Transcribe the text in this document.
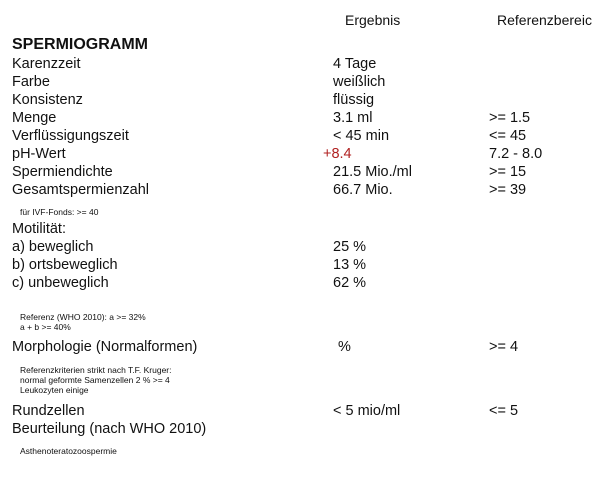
Ergebnis	Referenzbereic
SPERMIOGRAMM
Karenzzeit	4 Tage
Farbe	weißlich
Konsistenz	flüssig
Menge	3.1 ml	>= 1.5
Verflüssigungszeit	< 45 min	<= 45
pH-Wert	+8.4	7.2 - 8.0
Spermiendichte	21.5 Mio./ml	>= 15
Gesamtspermienzahl	66.7 Mio.	>= 39
für IVF-Fonds: >= 40
Motilität:
a) beweglich	25 %
b) ortsbeweglich	13 %
c) unbeweglich	62 %
Referenz (WHO 2010): a >= 32%
a + b >= 40%
Morphologie (Normalformen)	%	>= 4
Referenzkriterien strikt nach T.F. Kruger:
normal geformte Samenzellen 2 % >= 4
Leukozyten einige
Rundzellen	< 5 mio/ml	<= 5
Beurteilung (nach WHO 2010)
Asthenoteratozoospermie
